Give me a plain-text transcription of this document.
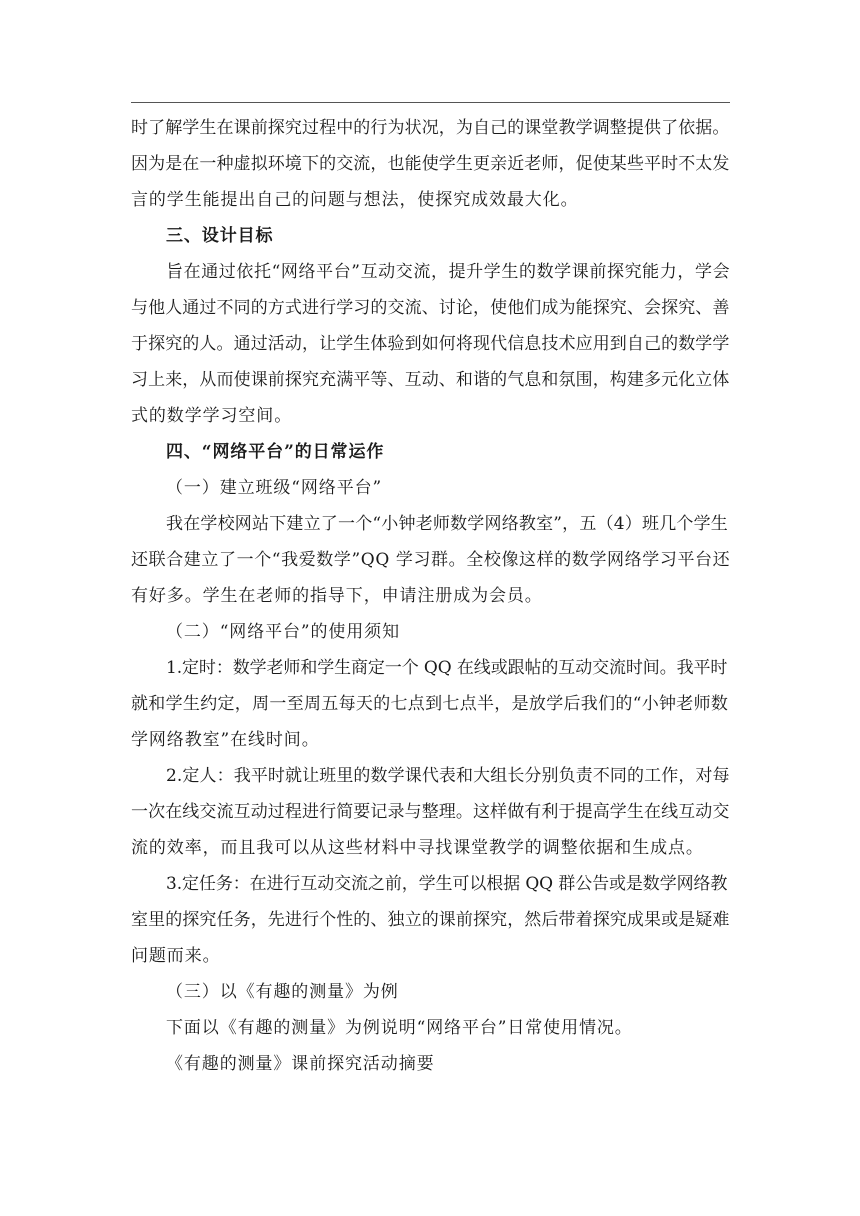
时了解学生在课前探究过程中的行为状况，为自己的课堂教学调整提供了依据。
因为是在一种虚拟环境下的交流，也能使学生更亲近老师，促使某些平时不太发
言的学生能提出自己的问题与想法，使探究成效最大化。
三、设计目标
旨在通过依托“网络平台”互动交流，提升学生的数学课前探究能力，学会
与他人通过不同的方式进行学习的交流、讨论，使他们成为能探究、会探究、善
于探究的人。通过活动，让学生体验到如何将现代信息技术应用到自己的数学学
习上来，从而使课前探究充满平等、互动、和谐的气息和氛围，构建多元化立体
式的数学学习空间。
四、“网络平台”的日常运作
（一）建立班级“网络平台”
我在学校网站下建立了一个“小钟老师数学网络教室”，五（4）班几个学生
还联合建立了一个“我爱数学”QQ 学习群。全校像这样的数学网络学习平台还
有好多。学生在老师的指导下，申请注册成为会员。
（二）“网络平台”的使用须知
1.定时：数学老师和学生商定一个 QQ 在线或跟帖的互动交流时间。我平时
就和学生约定，周一至周五每天的七点到七点半，是放学后我们的“小钟老师数
学网络教室”在线时间。
2.定人：我平时就让班里的数学课代表和大组长分别负责不同的工作，对每
一次在线交流互动过程进行简要记录与整理。这样做有利于提高学生在线互动交
流的效率，而且我可以从这些材料中寻找课堂教学的调整依据和生成点。
3.定任务：在进行互动交流之前，学生可以根据 QQ 群公告或是数学网络教
室里的探究任务，先进行个性的、独立的课前探究，然后带着探究成果或是疑难
问题而来。
（三）以《有趣的测量》为例
下面以《有趣的测量》为例说明“网络平台”日常使用情况。
《有趣的测量》课前探究活动摘要
